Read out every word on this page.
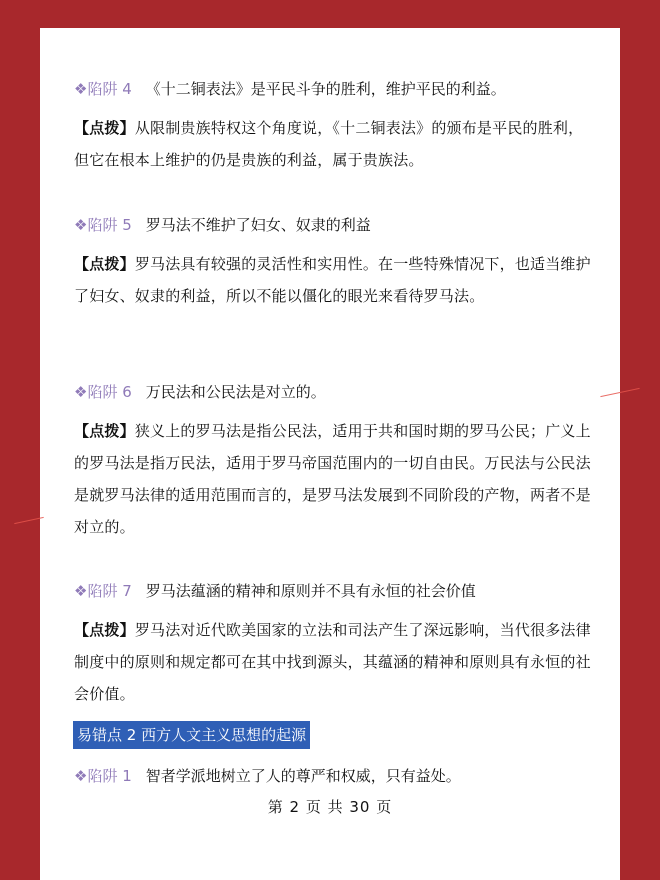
❖陷阱 4 《十二铜表法》是平民斗争的胜利，维护平民的利益。
【点拨】从限制贵族特权这个角度说，《十二铜表法》的颁布是平民的胜利，但它在根本上维护的仍是贵族的利益，属于贵族法。
❖陷阱 5 罗马法不维护了妇女、奴隶的利益
【点拨】罗马法具有较强的灵活性和实用性。在一些特殊情况下，也适当维护了妇女、奴隶的利益，所以不能以僵化的眼光来看待罗马法。
❖陷阱 6 万民法和公民法是对立的。
【点拨】狭义上的罗马法是指公民法，适用于共和国时期的罗马公民；广义上的罗马法是指万民法，适用于罗马帝国范围内的一切自由民。万民法与公民法是就罗马法律的适用范围而言的，是罗马法发展到不同阶段的产物，两者不是对立的。
❖陷阱 7 罗马法蕴涵的精神和原则并不具有永恒的社会价值
【点拨】罗马法对近代欧美国家的立法和司法产生了深远影响，当代很多法律制度中的原则和规定都可在其中找到源头，其蕴涵的精神和原则具有永恒的社会价值。
易错点 2 西方人文主义思想的起源
❖陷阱 1 智者学派地树立了人的尊严和权威，只有益处。
第 2 页 共 30 页
